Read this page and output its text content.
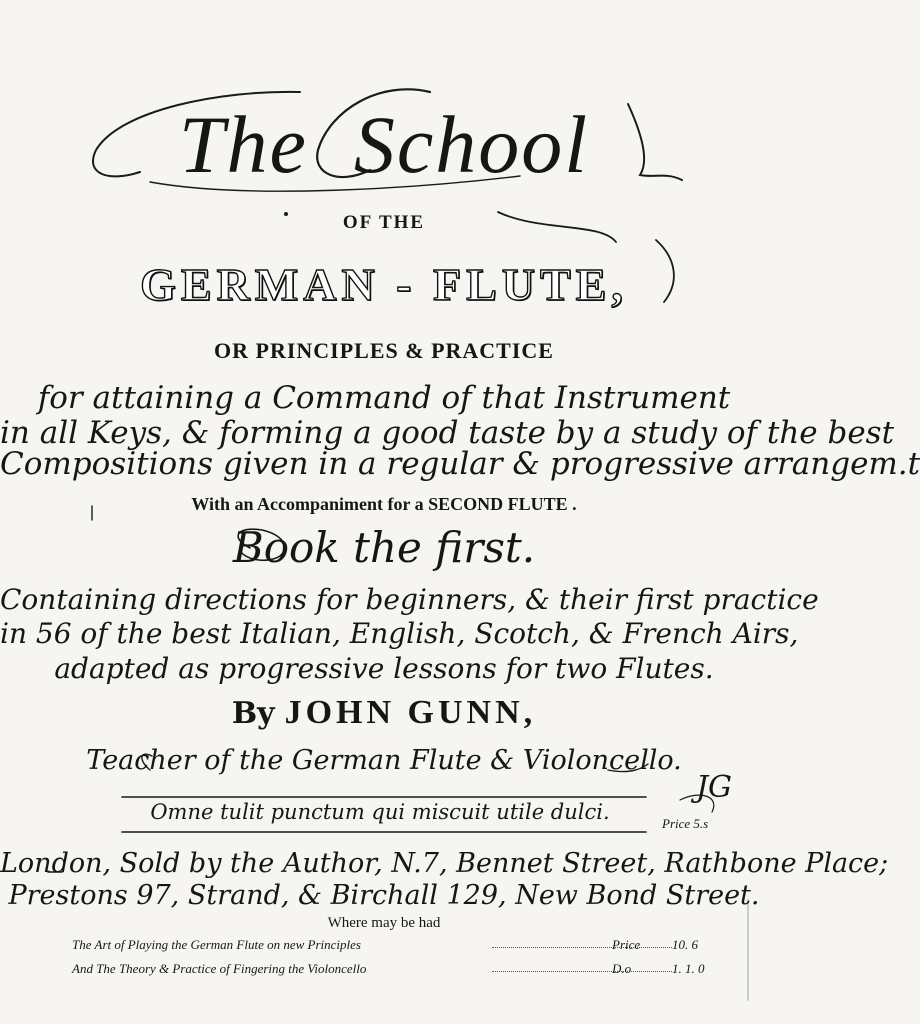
The School
OF THE
GERMAN - FLUTE,
OR PRINCIPLES & PRACTICE
for attaining a Command of that Instrument
in all Keys, & forming a good taste by a study of the best
Compositions given in a regular & progressive arrangem.t
With an Accompaniment for a SECOND FLUTE .
Book the first.
Containing directions for beginners, & their first practice
in 56 of the best Italian, English, Scotch, & French Airs,
adapted as progressive lessons for two Flutes.
By JOHN GUNN,
Teacher of the German Flute & Violoncello.
Omne tulit punctum qui miscuit utile dulci.
JG
Price 5.s
London, Sold by the Author, N.7, Bennet Street, Rathbone Place;
Prestons 97, Strand, & Birchall 129, New Bond Street.
Where may be had
The Art of Playing the German Flute on new Principles	Price 10. 6
And The Theory & Practice of Fingering the Violoncello	D.o	1. 1. 0
